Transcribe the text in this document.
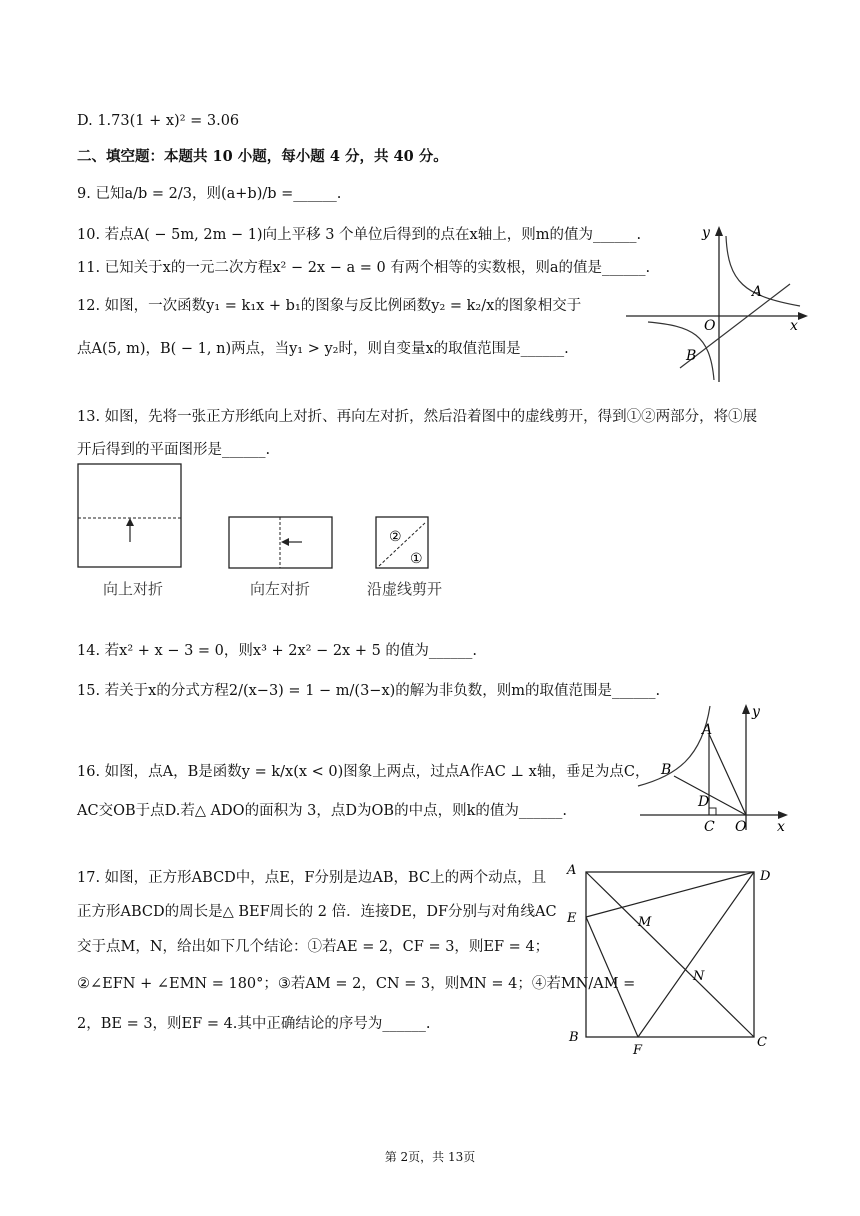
D. 1.73(1 + x)² = 3.06
二、填空题：本题共 10 小题，每小题 4 分，共 40 分。
9. 已知a/b = 2/3，则(a+b)/b =______.
10. 若点A( − 5m, 2m − 1)向上平移 3 个单位后得到的点在x轴上，则m的值为______.
11. 已知关于x的一元二次方程x² − 2x − a = 0 有两个相等的实数根，则a的值是______.
12. 如图，一次函数y₁ = k₁x + b₁的图象与反比例函数y₂ = k₂/x的图象相交于
点A(5, m)，B( − 1, n)两点，当y₁ > y₂时，则自变量x的取值范围是______.
13. 如图，先将一张正方形纸向上对折、再向左对折，然后沿着图中的虚线剪开，得到①②两部分，将①展
开后得到的平面图形是______.
14. 若x² + x − 3 = 0，则x³ + 2x² − 2x + 5 的值为______.
15. 若关于x的分式方程2/(x−3) = 1 − m/(3−x)的解为非负数，则m的取值范围是______.
16. 如图，点A，B是函数y = k/x(x < 0)图象上两点，过点A作AC ⊥ x轴，垂足为点C，
AC交OB于点D.若△ ADO的面积为 3，点D为OB的中点，则k的值为______.
17. 如图，正方形ABCD中，点E，F分别是边AB，BC上的两个动点，且
正方形ABCD的周长是△ BEF周长的 2 倍．连接DE，DF分别与对角线AC
交于点M，N，给出如下几个结论：①若AE = 2，CF = 3，则EF = 4；
②∠EFN + ∠EMN = 180°；③若AM = 2，CN = 3，则MN = 4；④若MN/AM =
2，BE = 3，则EF = 4.其中正确结论的序号为______.
y
x
O
A
B
②
①
向上对折	向左对折	沿虚线剪开
A
B
D
C O
y
x
A	D
E	M
N
B
F
C
第 2页，共 13页
